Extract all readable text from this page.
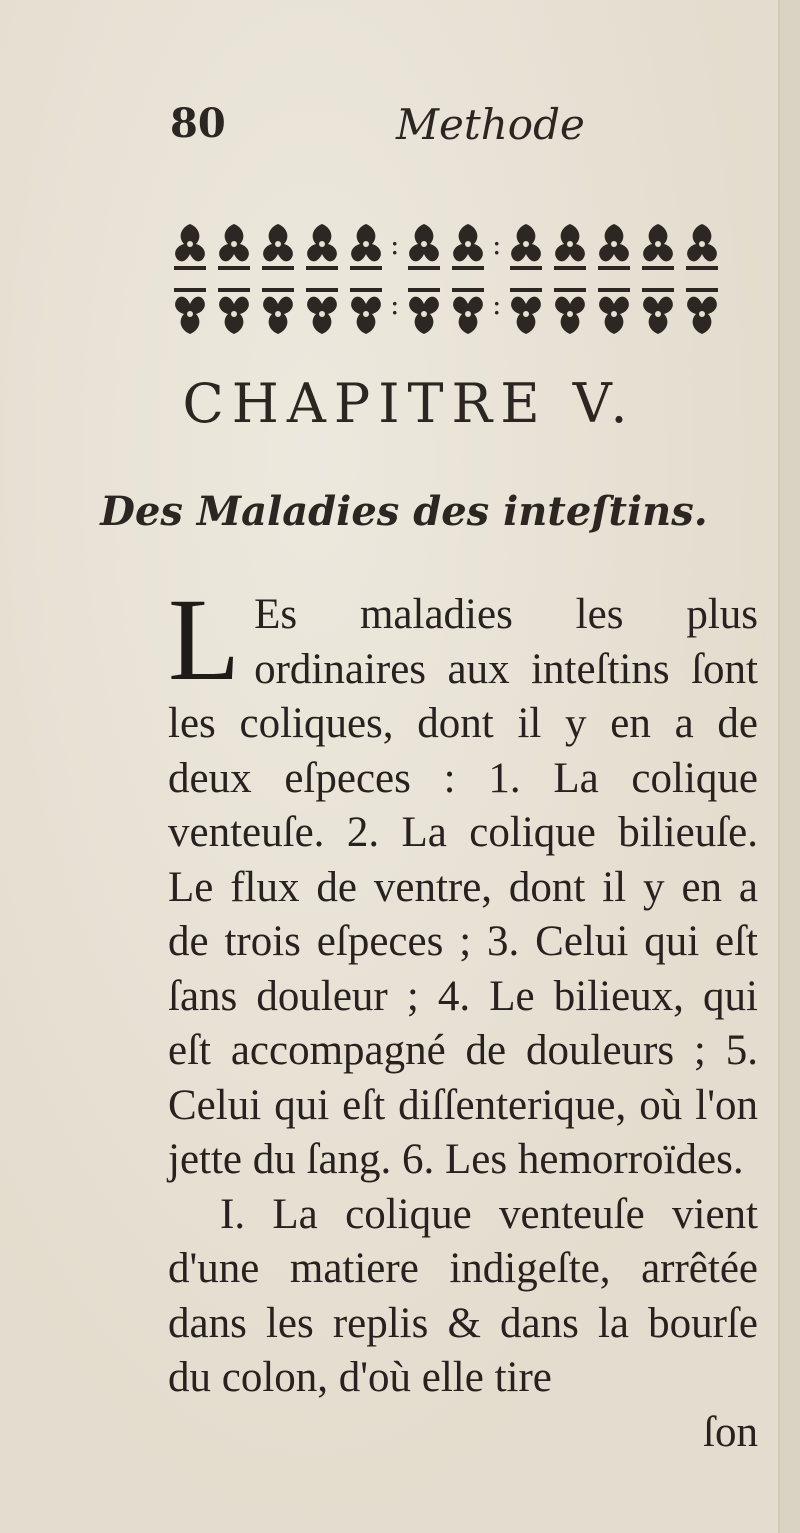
80	Methode
:	:
:	:
CHAPITRE V.
Des Maladies des inteſtins.

L Es maladies les plus ordinaires aux inteſtins ſont les coliques, dont il y en a de deux eſpeces : 1. La colique venteuſe. 2. La colique bilieuſe. Le flux de ventre, dont il y en a de trois eſpeces ; 3. Celui qui eſt ſans douleur ; 4. Le bilieux, qui eſt accompagné de douleurs ; 5. Celui qui eſt diſſenterique, où l'on jette du ſang. 6. Les hemorroïdes.

I. La colique venteuſe vient d'une matiere indigeſte, arrêtée dans les replis & dans la bourſe du colon, d'où elle tire

ſon
